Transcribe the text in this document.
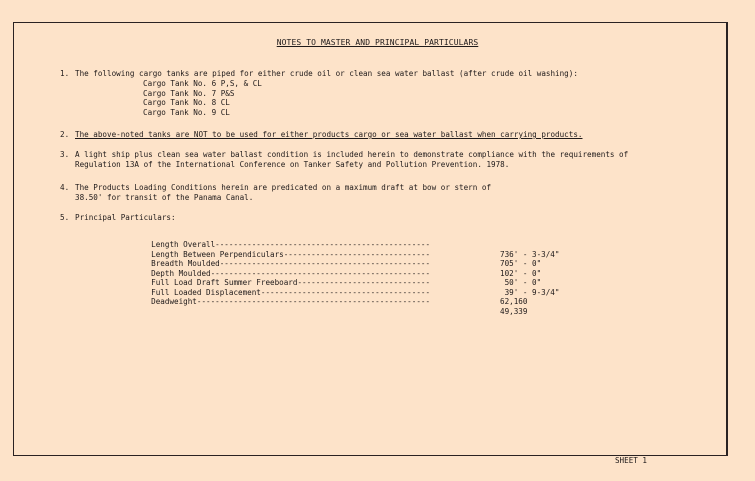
NOTES TO MASTER AND PRINCIPAL PARTICULARS
1. The following cargo tanks are piped for either crude oil or clean sea water ballast (after crude oil washing):
Cargo Tank No. 6 P,S, & CL
Cargo Tank No. 7 P&S
Cargo Tank No. 8 CL
Cargo Tank No. 9 CL
2. The above-noted tanks are NOT to be used for either products cargo or sea water ballast when carrying products.
3. A light ship plus clean sea water ballast condition is included herein to demonstrate compliance with the requirements of
Regulation 13A of the International Conference on Tanker Safety and Pollution Prevention. 1978.
4. The Products Loading Conditions herein are predicated on a maximum draft at bow or stern of
38.50' for transit of the Panama Canal.
5. Principal Particulars:

Length Overall-----------------------------------------------

736' - 3-3/4"

Length Between Perpendiculars--------------------------------

705' - 0"

Breadth Moulded----------------------------------------------

102' - 0"

Depth Moulded------------------------------------------------

50' - 0"

Full Load Draft Summer Freeboard-----------------------------

39' - 9-3/4"

Full Loaded Displacement-------------------------------------

62,160

Deadweight---------------------------------------------------

49,339

SHEET 1
